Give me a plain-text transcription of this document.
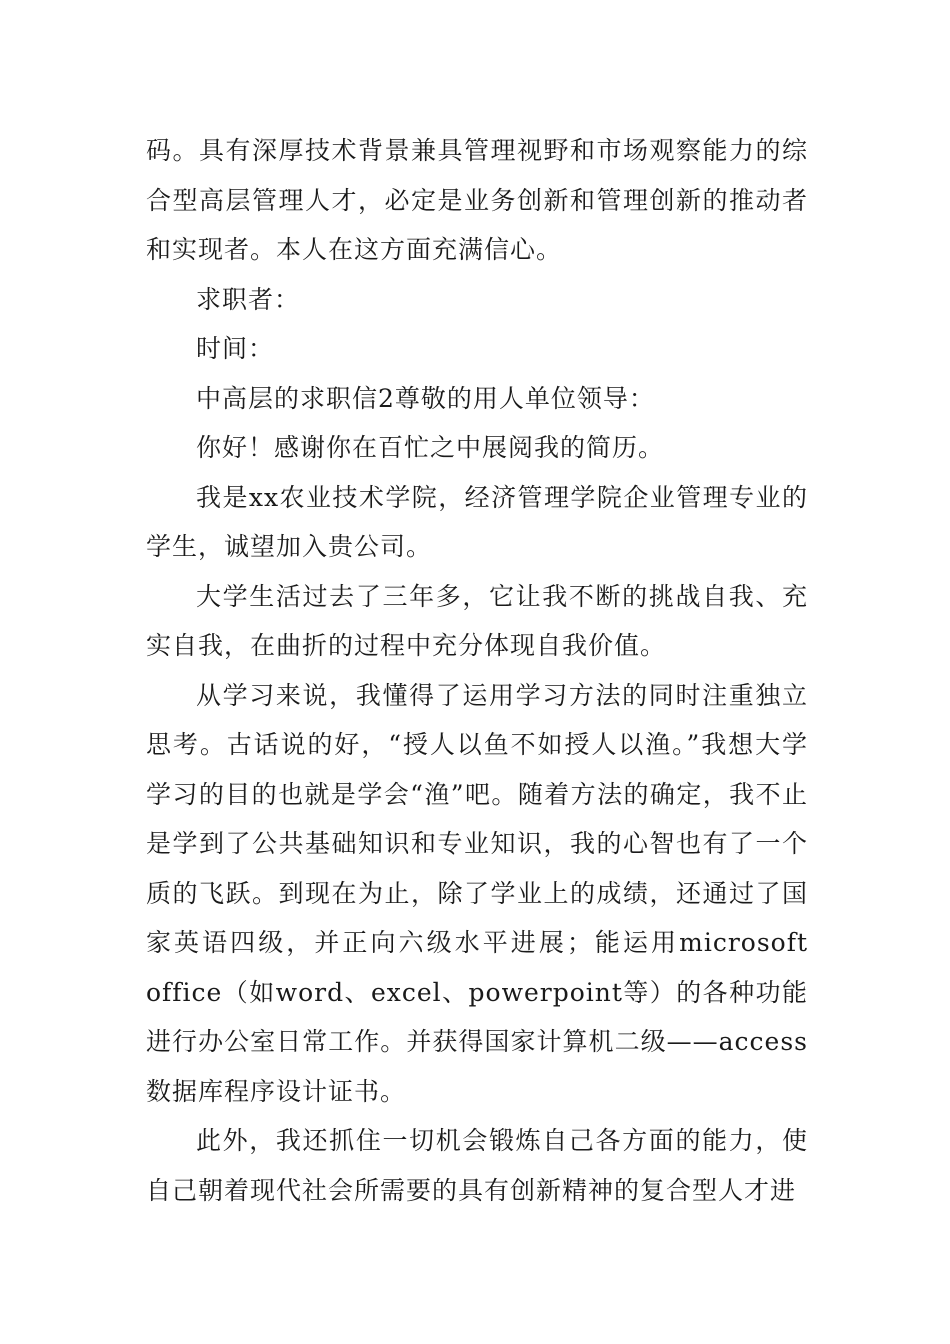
码。具有深厚技术背景兼具管理视野和市场观察能力的综合型高层管理人才，必定是业务创新和管理创新的推动者和实现者。本人在这方面充满信心。

求职者：

时间：

中高层的求职信2尊敬的用人单位领导：

你好！感谢你在百忙之中展阅我的简历。

我是xx农业技术学院，经济管理学院企业管理专业的学生，诚望加入贵公司。

大学生活过去了三年多，它让我不断的挑战自我、充实自我，在曲折的过程中充分体现自我价值。

从学习来说，我懂得了运用学习方法的同时注重独立思考。古话说的好，“授人以鱼不如授人以渔。”我想大学学习的目的也就是学会“渔”吧。随着方法的确定，我不止是学到了公共基础知识和专业知识，我的心智也有了一个质的飞跃。到现在为止，除了学业上的成绩，还通过了国家英语四级，并正向六级水平进展；能运用microsoft office（如word、excel、powerpoint等）的各种功能进行办公室日常工作。并获得国家计算机二级——access数据库程序设计证书。

此外，我还抓住一切机会锻炼自己各方面的能力，使自己朝着现代社会所需要的具有创新精神的复合型人才进
